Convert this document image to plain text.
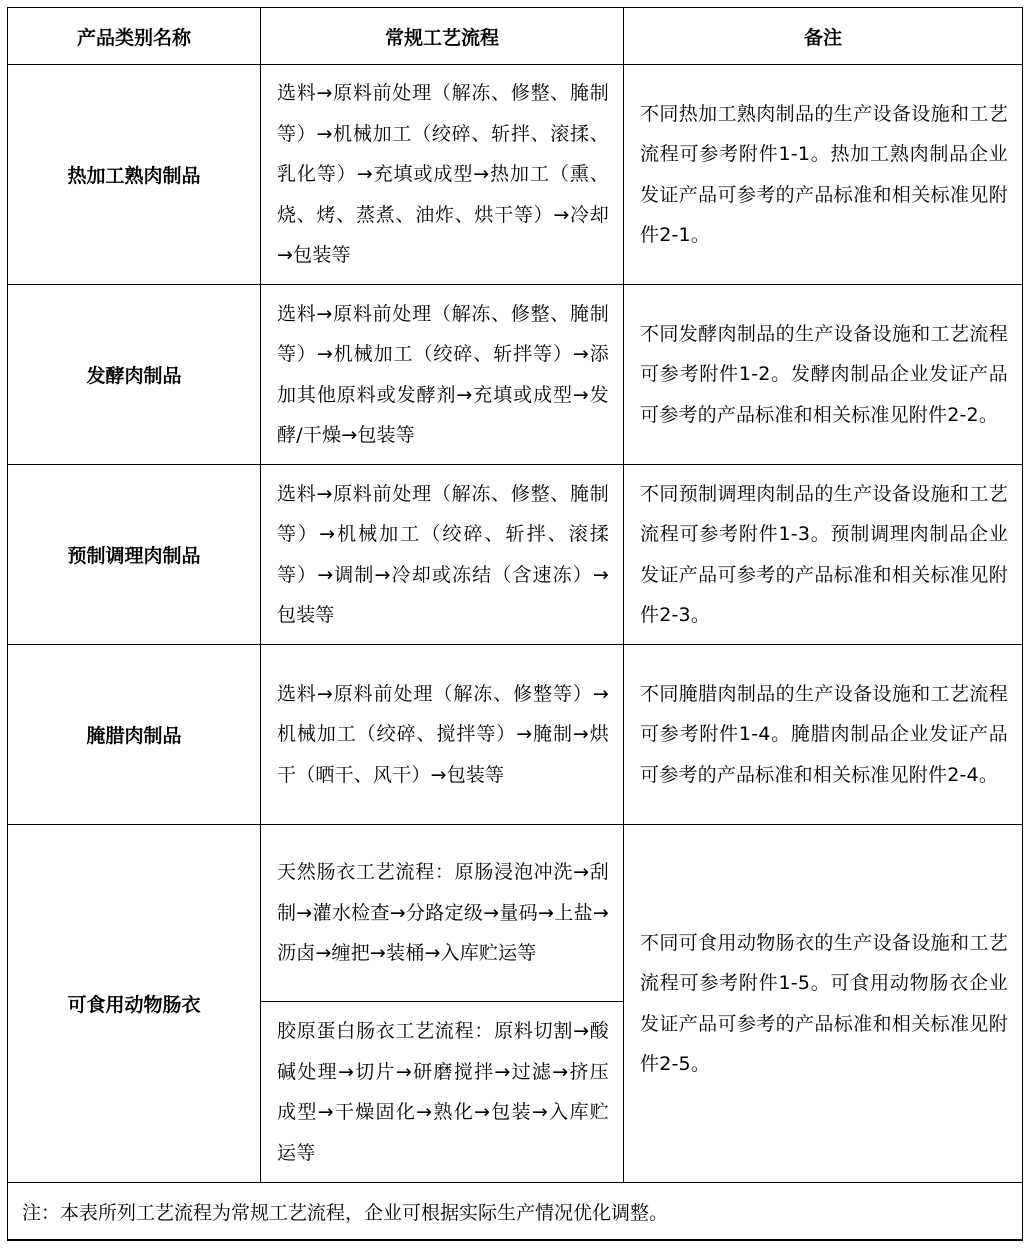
产品类别名称	常规工艺流程	备注
热加工熟肉制品	选料→原料前处理（解冻、修整、腌制等）→机械加工（绞碎、斩拌、滚揉、乳化等）→充填或成型→热加工（熏、烧、烤、蒸煮、油炸、烘干等）→冷却→包装等	不同热加工熟肉制品的生产设备设施和工艺流程可参考附件1-1。热加工熟肉制品企业发证产品可参考的产品标准和相关标准见附件2-1。
发酵肉制品	选料→原料前处理（解冻、修整、腌制等）→机械加工（绞碎、斩拌等）→添加其他原料或发酵剂→充填或成型→发酵/干燥→包装等	不同发酵肉制品的生产设备设施和工艺流程可参考附件1-2。发酵肉制品企业发证产品可参考的产品标准和相关标准见附件2-2。
预制调理肉制品	选料→原料前处理（解冻、修整、腌制等）→机械加工（绞碎、斩拌、滚揉等）→调制→冷却或冻结（含速冻）→包装等	不同预制调理肉制品的生产设备设施和工艺流程可参考附件1-3。预制调理肉制品企业发证产品可参考的产品标准和相关标准见附件2-3。
腌腊肉制品	选料→原料前处理（解冻、修整等）→ 机械加工（绞碎、搅拌等）→腌制→烘干（晒干、风干）→包装等	不同腌腊肉制品的生产设备设施和工艺流程可参考附件1-4。腌腊肉制品企业发证产品可参考的产品标准和相关标准见附件2-4。
可食用动物肠衣	天然肠衣工艺流程：原肠浸泡冲洗→刮制→灌水检查→分路定级→量码→上盐→沥卤→缠把→装桶→入库贮运等	不同可食用动物肠衣的生产设备设施和工艺流程可参考附件1-5。可食用动物肠衣企业发证产品可参考的产品标准和相关标准见附件2-5。
	胶原蛋白肠衣工艺流程：原料切割→酸碱处理→切片→研磨搅拌→过滤→挤压成型→干燥固化→熟化→包装→入库贮运等	
注：本表所列工艺流程为常规工艺流程，企业可根据实际生产情况优化调整。		
